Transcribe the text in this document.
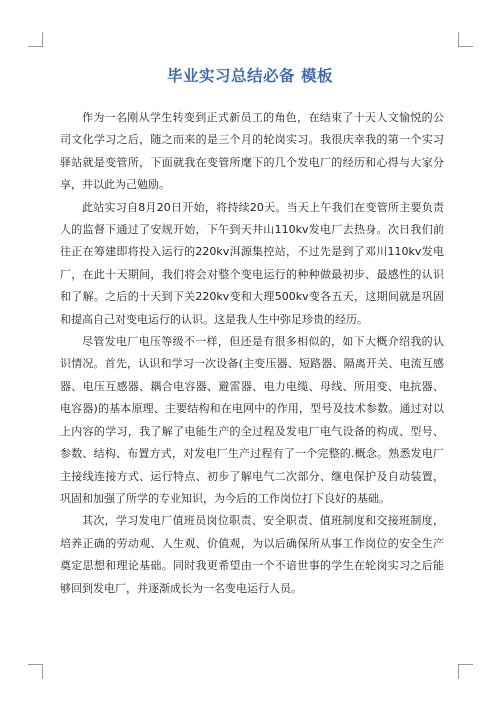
毕业实习总结必备 模板

作为一名刚从学生转变到正式新员工的角色，在结束了十天人文愉悦的公司文化学习之后，随之而来的是三个月的轮岗实习。我很庆幸我的第一个实习驿站就是变管所，下面就我在变管所麾下的几个发电厂的经历和心得与大家分享，并以此为己勉励。

此站实习自8月20日开始，将持续20天。当天上午我们在变管所主要负责人的监督下通过了安规开始，下午到天井山110kv发电厂去热身。次日我们前往正在筹建即将投入运行的220kv洱源集控站，不过先是到了邓川110kv发电厂，在此十天期间，我们将会对整个变电运行的种种做最初步、最感性的认识和了解。之后的十天到下关220kv变和大理500kv变各五天，这期间就是巩固和提高自己对变电运行的认识。这是我人生中弥足珍贵的经历。

尽管发电厂电压等级不一样，但还是有很多相似的，如下大概介绍我的认识情况。首先，认识和学习一次设备(主变压器、短路器、隔离开关、电流互感器、电压互感器、耦合电容器、避雷器、电力电缆、母线、所用变、电抗器、电容器)的基本原理、主要结构和在电网中的作用，型号及技术参数。通过对以上内容的学习，我了解了电能生产的全过程及发电厂电气设备的构成、型号、参数、结构、布置方式，对发电厂生产过程有了一个完整的.概念。熟悉发电厂主接线连接方式、运行特点、初步了解电气二次部分、继电保护及自动装置，巩固和加强了所学的专业知识，为今后的工作岗位打下良好的基础。

其次，学习发电厂值班员岗位职责、安全职责、值班制度和交接班制度，培养正确的劳动观、人生观、价值观，为以后确保所从事工作岗位的安全生产奠定思想和理论基础。同时我更希望由一个不谙世事的学生在轮岗实习之后能够回到发电厂，并逐渐成长为一名变电运行人员。
